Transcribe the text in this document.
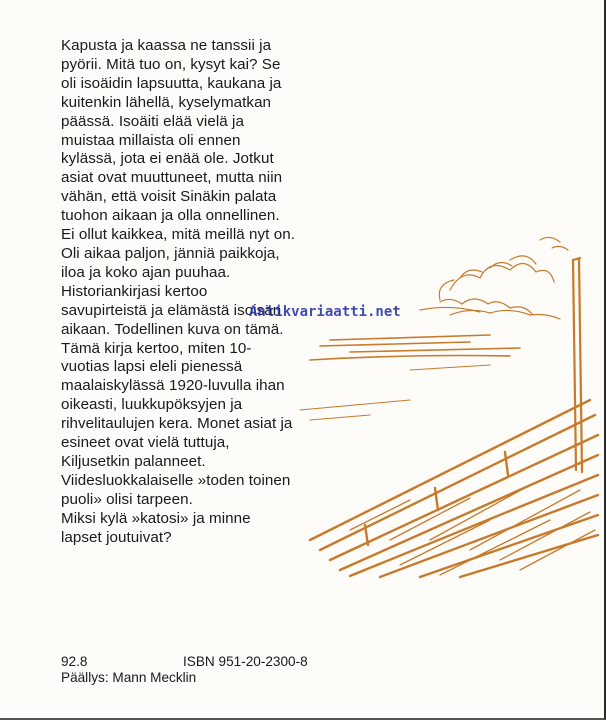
Kapusta ja kaassa ne tanssii ja
pyörii. Mitä tuo on, kysyt kai? Se
oli isoäidin lapsuutta, kaukana ja
kuitenkin lähellä, kyselymatkan
päässä. Isoäiti elää vielä ja
muistaa millaista oli ennen
kylässä, jota ei enää ole. Jotkut
asiat ovat muuttuneet, mutta niin
vähän, että voisit Sinäkin palata
tuohon aikaan ja olla onnellinen.
Ei ollut kaikkea, mitä meillä nyt on.
Oli aikaa paljon, jänniä paikkoja,
iloa ja koko ajan puuhaa.
Historiankirjasi kertoo
savupirteistä ja elämästä isoisän
aikaan. Todellinen kuva on tämä.
Tämä kirja kertoo, miten 10-
vuotias lapsi eleli pienessä
maalaiskylässä 1920-luvulla ihan
oikeasti, luukkupöksyjen ja
rihvelitaulujen kera. Monet asiat ja
esineet ovat vielä tuttuja,
Kiljusetkin palanneet.
Viidesluokkalaiselle »toden toinen
puoli» olisi tarpeen.
Miksi kylä »katosi» ja minne
lapset joutuivat?
Antikvariaatti.net
92.8
Päällys: Mann Mecklin
ISBN 951-20-2300-8
